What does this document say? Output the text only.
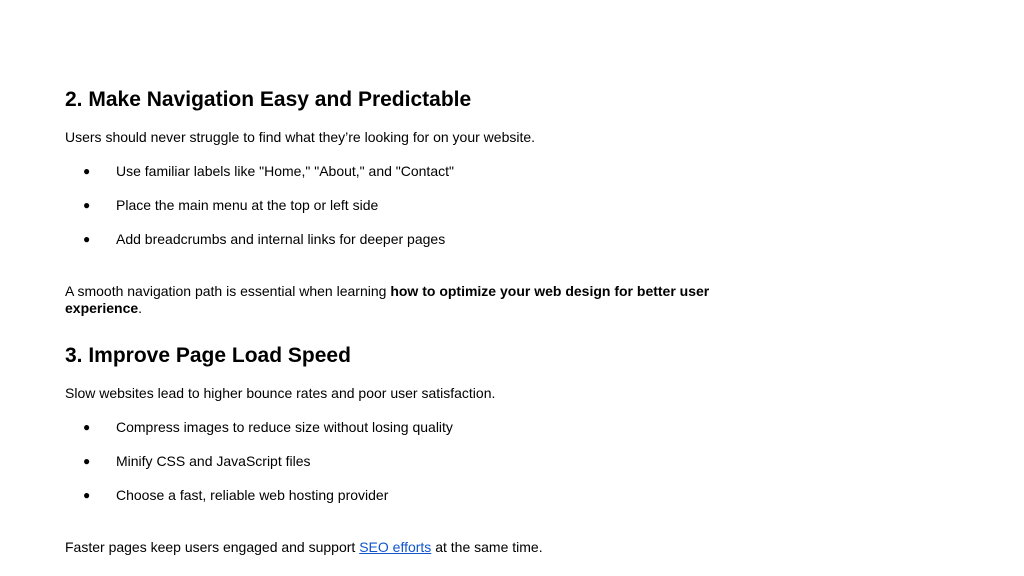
2. Make Navigation Easy and Predictable

Users should never struggle to find what they’re looking for on your website.

● Use familiar labels like "Home," "About," and "Contact"
● Place the main menu at the top or left side
● Add breadcrumbs and internal links for deeper pages

A smooth navigation path is essential when learning how to optimize your web design for better user experience.

3. Improve Page Load Speed

Slow websites lead to higher bounce rates and poor user satisfaction.

● Compress images to reduce size without losing quality
● Minify CSS and JavaScript files
● Choose a fast, reliable web hosting provider

Faster pages keep users engaged and support SEO efforts at the same time.
